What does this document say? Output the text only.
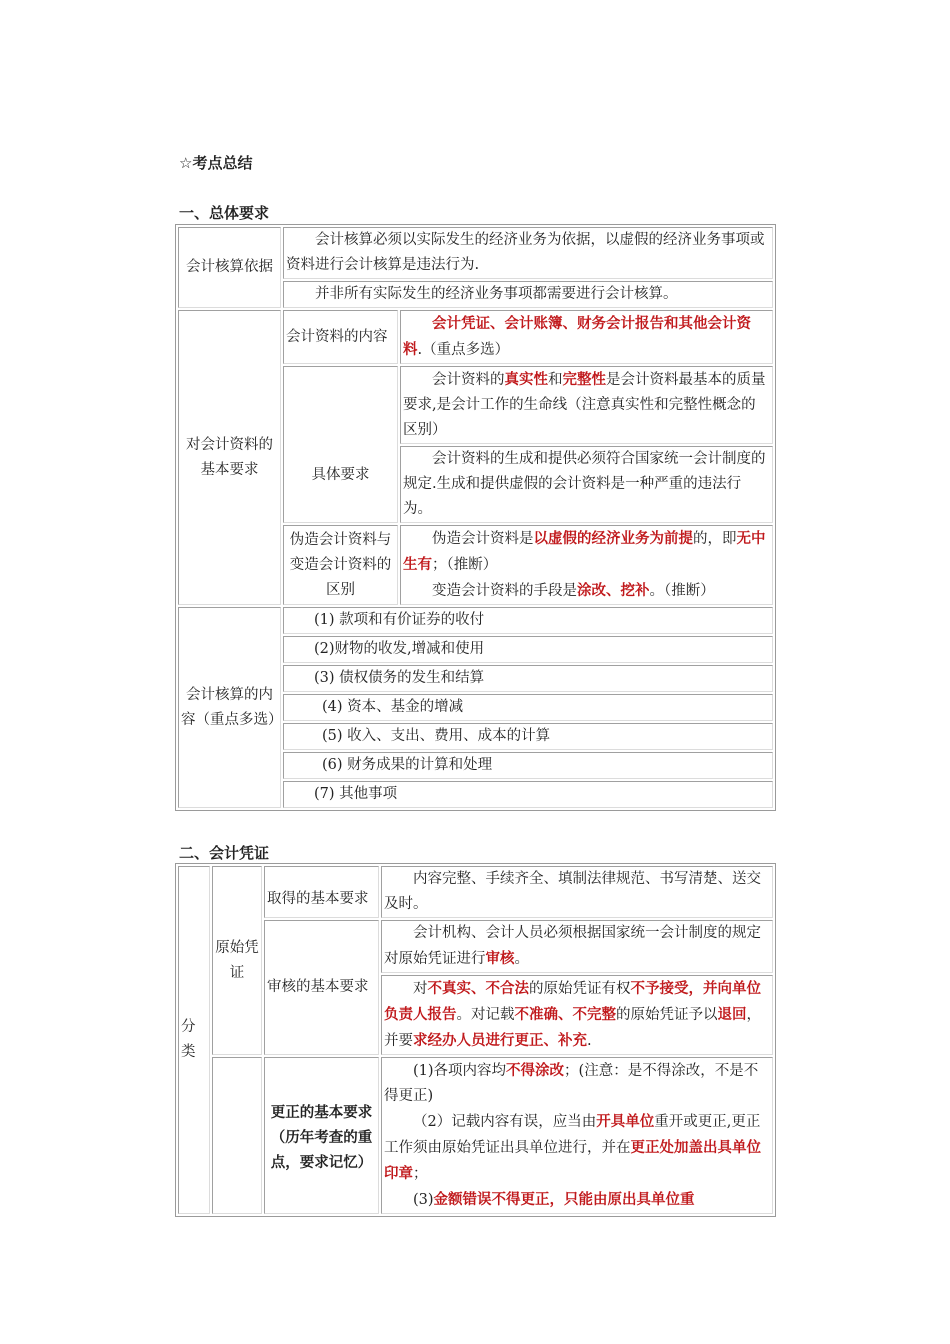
☆考点总结
一、总体要求
会计核算依据	会计核算必须以实际发生的经济业务为依据，以虚假的经济业务事项或资料进行会计核算是违法行为.	
	并非所有实际发生的经济业务事项都需要进行会计核算。	
对会计资料的基本要求	会计资料的内容	会计凭证、会计账簿、财务会计报告和其他会计资料.（重点多选）
	具体要求	会计资料的真实性和完整性是会计资料最基本的质量要求,是会计工作的生命线（注意真实性和完整性概念的区别）
		会计资料的生成和提供必须符合国家统一会计制度的规定.生成和提供虚假的会计资料是一种严重的违法行为。
	伪造会计资料与变造会计资料的区别	伪造会计资料是以虚假的经济业务为前提的，即无中生有；（推断）
变造会计资料的手段是涂改、挖补。（推断）

会计核算的内容（重点多选）	(1) 款项和有价证券的收付	
	(2)财物的收发,增减和使用	
	(3) 债权债务的发生和结算	
	(4) 资本、基金的增减	
	(5) 收入、支出、费用、成本的计算	
	(6) 财务成果的计算和处理	
	(7) 其他事项	
二、会计凭证
分类	原始凭证	取得的基本要求	内容完整、手续齐全、填制法律规范、书写清楚、送交及时。
		审核的基本要求	会计机构、会计人员必须根据国家统一会计制度的规定对原始凭证进行审核。
			对不真实、不合法的原始凭证有权不予接受，并向单位负责人报告。对记载不准确、不完整的原始凭证予以退回，并要求经办人员进行更正、补充.
		更正的基本要求（历年考查的重点，要求记忆）	(1)各项内容均不得涂改；(注意：是不得涂改，不是不得更正)
（2）记载内容有误，应当由开具单位重开或更正,更正工作须由原始凭证出具单位进行，并在更正处加盖出具单位印章；
(3)金额错误不得更正，只能由原出具单位重
